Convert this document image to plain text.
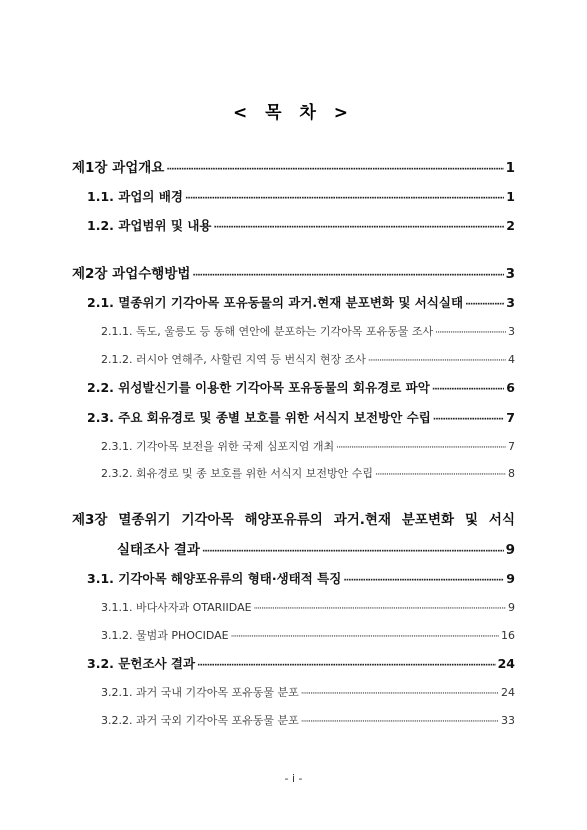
< 목 차 >
제1장 과업개요 ·····	1
1.1. 과업의 배경 ·····	1
1.2. 과업범위 및 내용 ·····	2
제2장 과업수행방법 ·····	3
2.1. 멸종위기 기각아목 포유동물의 과거.현재 분포변화 및 서식실태 ·····	3
2.1.1. 독도, 울릉도 등 동해 연안에 분포하는 기각아목 포유동물 조사 ·····	3
2.1.2. 러시아 연해주, 사할린 지역 등 번식지 현장 조사 ·····	4
2.2. 위성발신기를 이용한 기각아목 포유동물의 회유경로 파악 ·····	6
2.3. 주요 회유경로 및 종별 보호를 위한 서식지 보전방안 수립 ·····	7
2.3.1. 기각아목 보전을 위한 국제 심포지엄 개최 ·····	7
2.3.2. 회유경로 및 종 보호를 위한 서식지 보전방안 수립 ·····	8
제3장 멸종위기 기각아목 해양포유류의 과거.현재 분포변화 및 서식
실태조사 결과 ·····	9
3.1. 기각아목 해양포유류의 형태·생태적 특징 ·····	9
3.1.1. 바다사자과 OTARIIDAE ·····	9
3.1.2. 물범과 PHOCIDAE ·····	16
3.2. 문헌조사 결과 ·····	24
3.2.1. 과거 국내 기각아목 포유동물 분포 ·····	24
3.2.2. 과거 국외 기각아목 포유동물 분포 ·····	33
- i -
